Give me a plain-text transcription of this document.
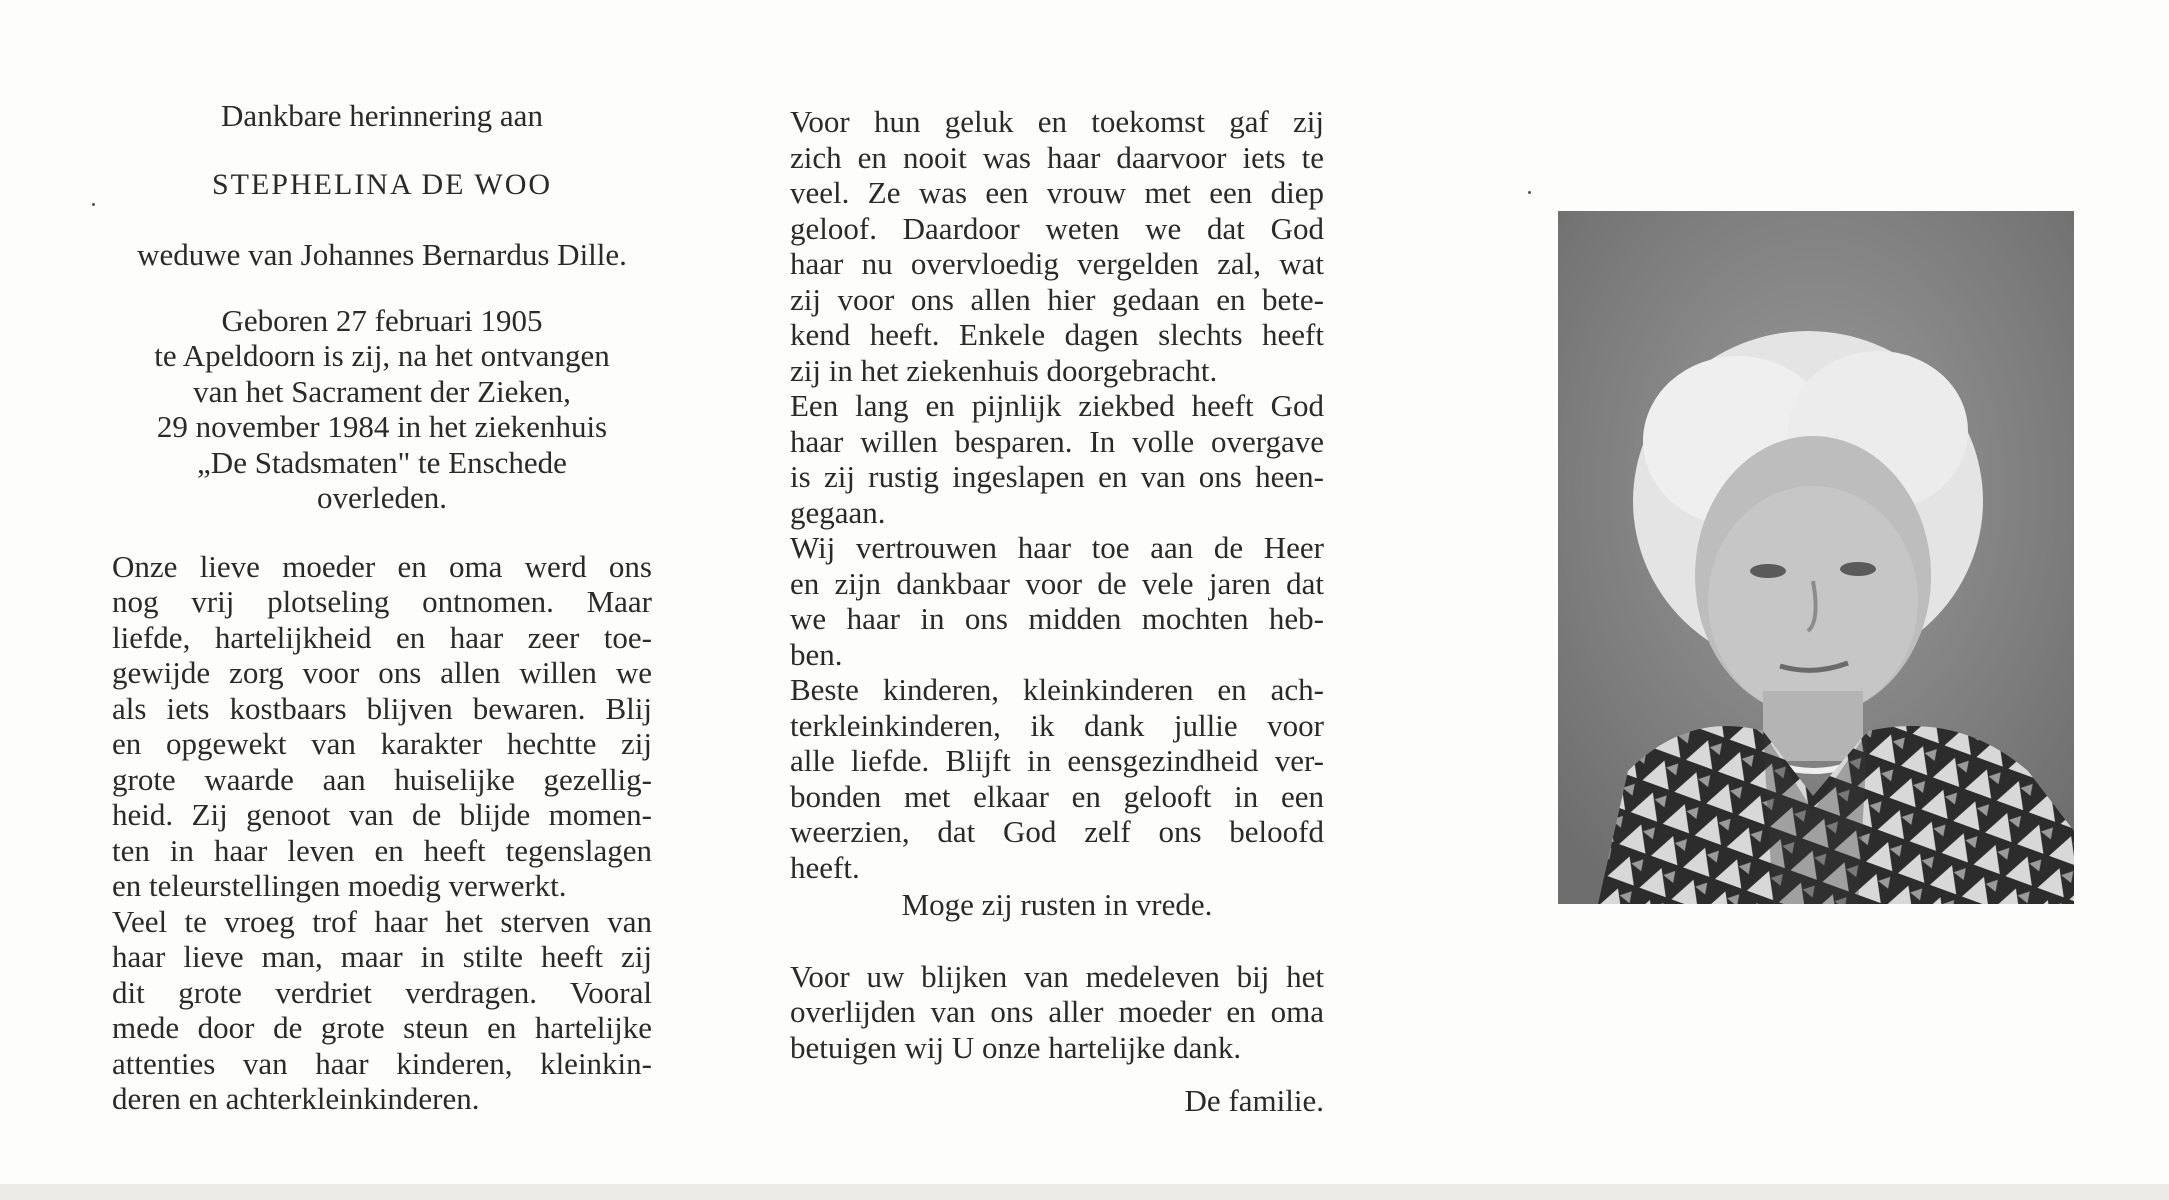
Dankbare herinnering aan

STEPHELINA DE WOO

weduwe van Johannes Bernardus Dille.

Geboren 27 februari 1905
te Apeldoorn is zij, na het ontvangen
van het Sacrament der Zieken,
29 november 1984 in het ziekenhuis
„De Stadsmaten" te Enschede
overleden.
Onze lieve moeder en oma werd ons
nog vrij plotseling ontnomen. Maar
liefde, hartelijkheid en haar zeer toe-
gewijde zorg voor ons allen willen we
als iets kostbaars blijven bewaren. Blij
en opgewekt van karakter hechtte zij
grote waarde aan huiselijke gezellig-
heid. Zij genoot van de blijde momen-
ten in haar leven en heeft tegenslagen
en teleurstellingen moedig verwerkt.
Veel te vroeg trof haar het sterven van
haar lieve man, maar in stilte heeft zij
dit grote verdriet verdragen. Vooral
mede door de grote steun en hartelijke
attenties van haar kinderen, kleinkin-
deren en achterkleinkinderen.
Voor hun geluk en toekomst gaf zij
zich en nooit was haar daarvoor iets te
veel. Ze was een vrouw met een diep
geloof. Daardoor weten we dat God
haar nu overvloedig vergelden zal, wat
zij voor ons allen hier gedaan en bete-
kend heeft. Enkele dagen slechts heeft
zij in het ziekenhuis doorgebracht.
Een lang en pijnlijk ziekbed heeft God
haar willen besparen. In volle overgave
is zij rustig ingeslapen en van ons heen-
gegaan.
Wij vertrouwen haar toe aan de Heer
en zijn dankbaar voor de vele jaren dat
we haar in ons midden mochten heb-
ben.
Beste kinderen, kleinkinderen en ach-
terkleinkinderen, ik dank jullie voor
alle liefde. Blijft in eensgezindheid ver-
bonden met elkaar en gelooft in een
weerzien, dat God zelf ons beloofd
heeft.
Moge zij rusten in vrede.
Voor uw blijken van medeleven bij het
overlijden van ons aller moeder en oma
betuigen wij U onze hartelijke dank.
De familie.
